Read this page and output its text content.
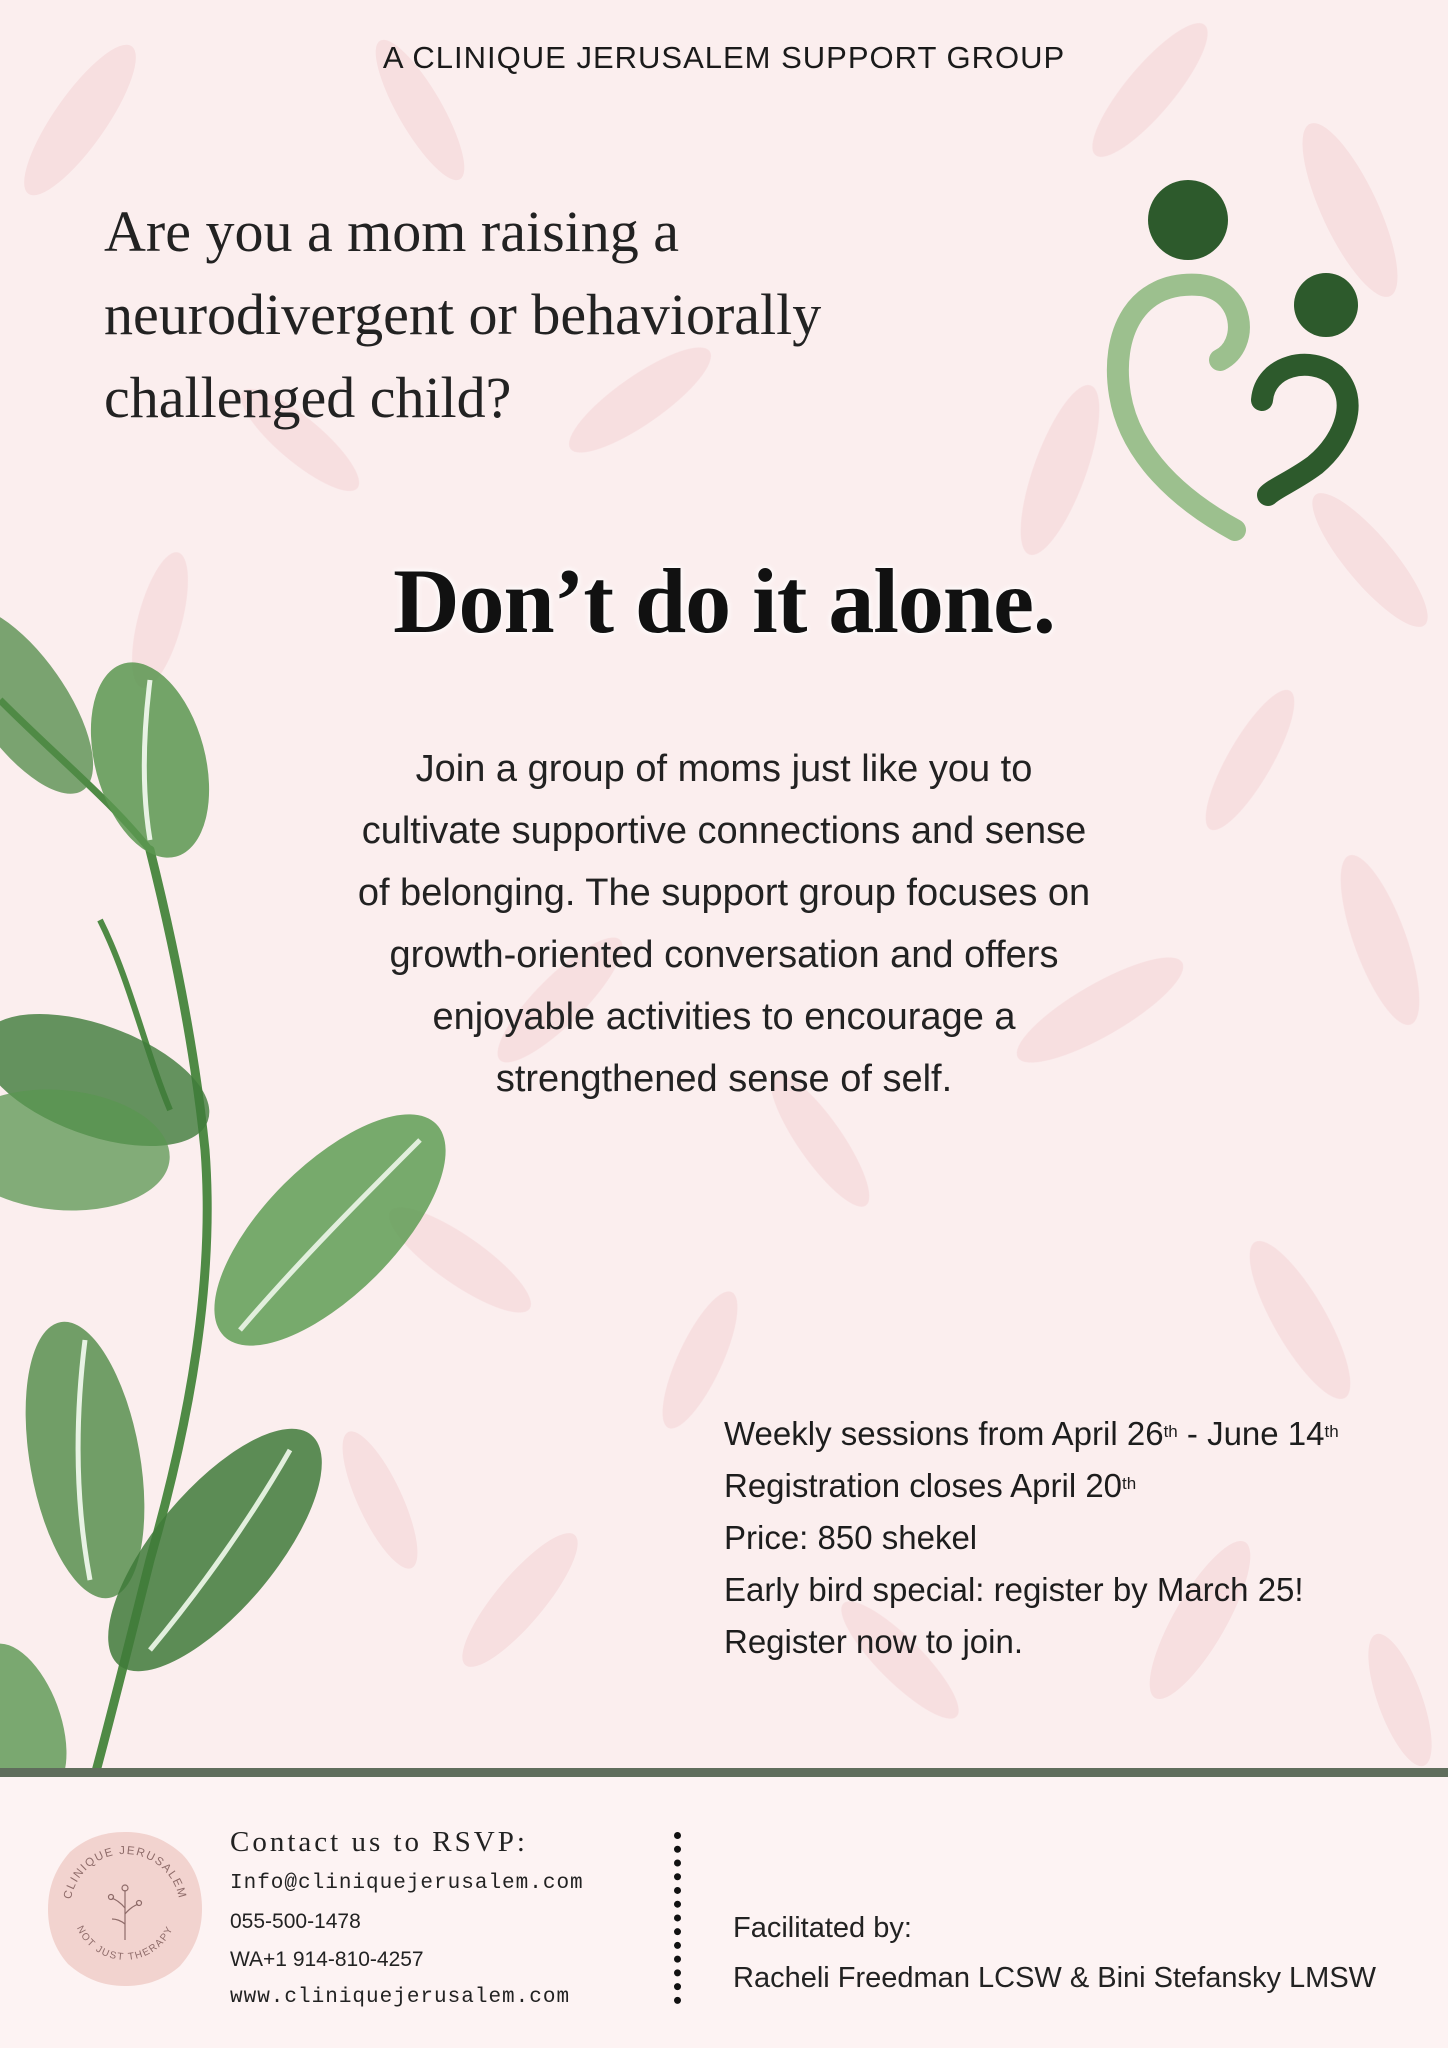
A CLINIQUE JERUSALEM SUPPORT GROUP
Are you a mom raising a
neurodivergent or behaviorally
challenged child?
Don’t do it alone.
Join a group of moms just like you to
cultivate supportive connections and sense
of belonging. The support group focuses on
growth-oriented conversation and offers
enjoyable activities to encourage a
strengthened sense of self.
Weekly sessions from April 26th - June 14th
Registration closes April 20th
Price: 850 shekel
Early bird special: register by March 25!
Register now to join.
CLINIQUE JERUSALEM
NOT JUST THERAPY
Contact us to RSVP:
Info@cliniquejerusalem.com
055-500-1478
WA+1 914-810-4257
www.cliniquejerusalem.com
Facilitated by:
Racheli Freedman LCSW & Bini Stefansky LMSW
